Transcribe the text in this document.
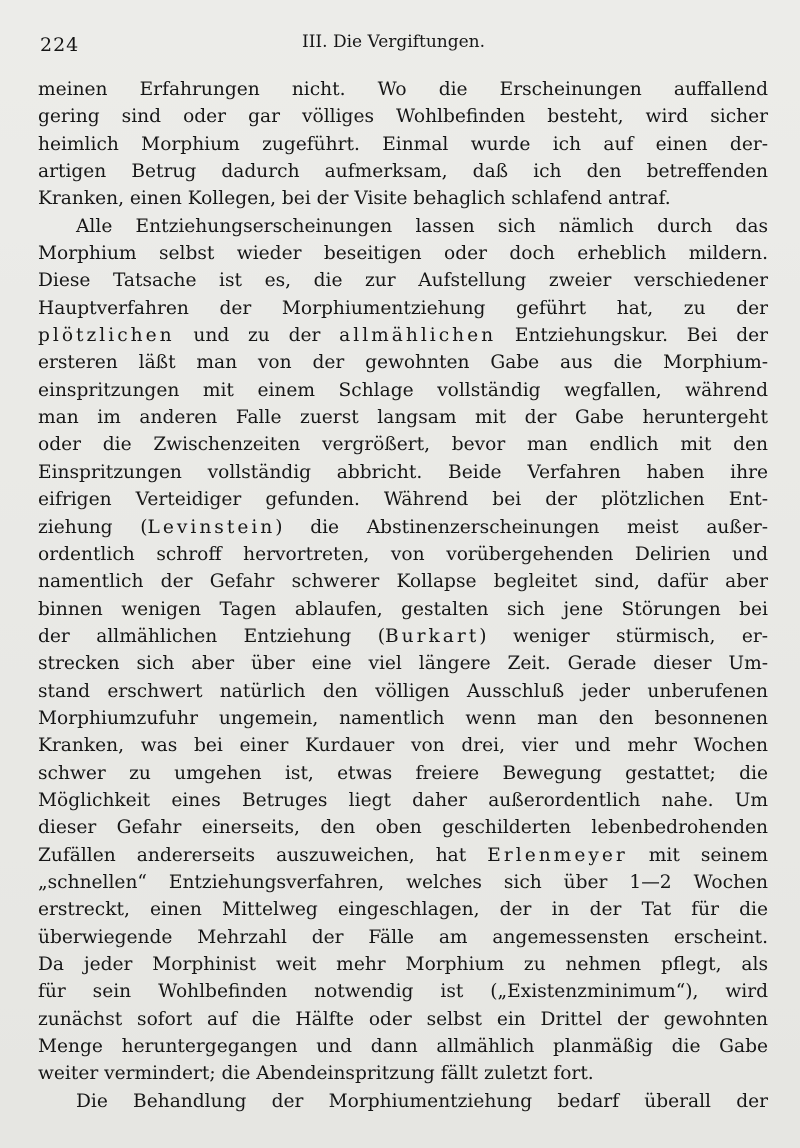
224	III. Die Vergiftungen.
meinen Erfahrungen nicht. Wo die Erscheinungen auffallend
gering sind oder gar völliges Wohlbefinden besteht, wird sicher
heimlich Morphium zugeführt. Einmal wurde ich auf einen der-
artigen Betrug dadurch aufmerksam, daß ich den betreffenden
Kranken, einen Kollegen, bei der Visite behaglich schlafend antraf.
Alle Entziehungserscheinungen lassen sich nämlich durch das
Morphium selbst wieder beseitigen oder doch erheblich mildern.
Diese Tatsache ist es, die zur Aufstellung zweier verschiedener
Hauptverfahren der Morphiumentziehung geführt hat, zu der
plötzlichen und zu der allmählichen Entziehungskur. Bei der
ersteren läßt man von der gewohnten Gabe aus die Morphium-
einspritzungen mit einem Schlage vollständig wegfallen, während
man im anderen Falle zuerst langsam mit der Gabe heruntergeht
oder die Zwischenzeiten vergrößert, bevor man endlich mit den
Einspritzungen vollständig abbricht. Beide Verfahren haben ihre
eifrigen Verteidiger gefunden. Während bei der plötzlichen Ent-
ziehung (Levinstein) die Abstinenzerscheinungen meist außer-
ordentlich schroff hervortreten, von vorübergehenden Delirien und
namentlich der Gefahr schwerer Kollapse begleitet sind, dafür aber
binnen wenigen Tagen ablaufen, gestalten sich jene Störungen bei
der allmählichen Entziehung (Burkart) weniger stürmisch, er-
strecken sich aber über eine viel längere Zeit. Gerade dieser Um-
stand erschwert natürlich den völligen Ausschluß jeder unberufenen
Morphiumzufuhr ungemein, namentlich wenn man den besonnenen
Kranken, was bei einer Kurdauer von drei, vier und mehr Wochen
schwer zu umgehen ist, etwas freiere Bewegung gestattet; die
Möglichkeit eines Betruges liegt daher außerordentlich nahe. Um
dieser Gefahr einerseits, den oben geschilderten lebenbedrohenden
Zufällen andererseits auszuweichen, hat Erlenmeyer mit seinem
„schnellen“ Entziehungsverfahren, welches sich über 1—2 Wochen
erstreckt, einen Mittelweg eingeschlagen, der in der Tat für die
überwiegende Mehrzahl der Fälle am angemessensten erscheint.
Da jeder Morphinist weit mehr Morphium zu nehmen pflegt, als
für sein Wohlbefinden notwendig ist („Existenzminimum“), wird
zunächst sofort auf die Hälfte oder selbst ein Drittel der gewohnten
Menge heruntergegangen und dann allmählich planmäßig die Gabe
weiter vermindert; die Abendeinspritzung fällt zuletzt fort.
Die Behandlung der Morphiumentziehung bedarf überall der
